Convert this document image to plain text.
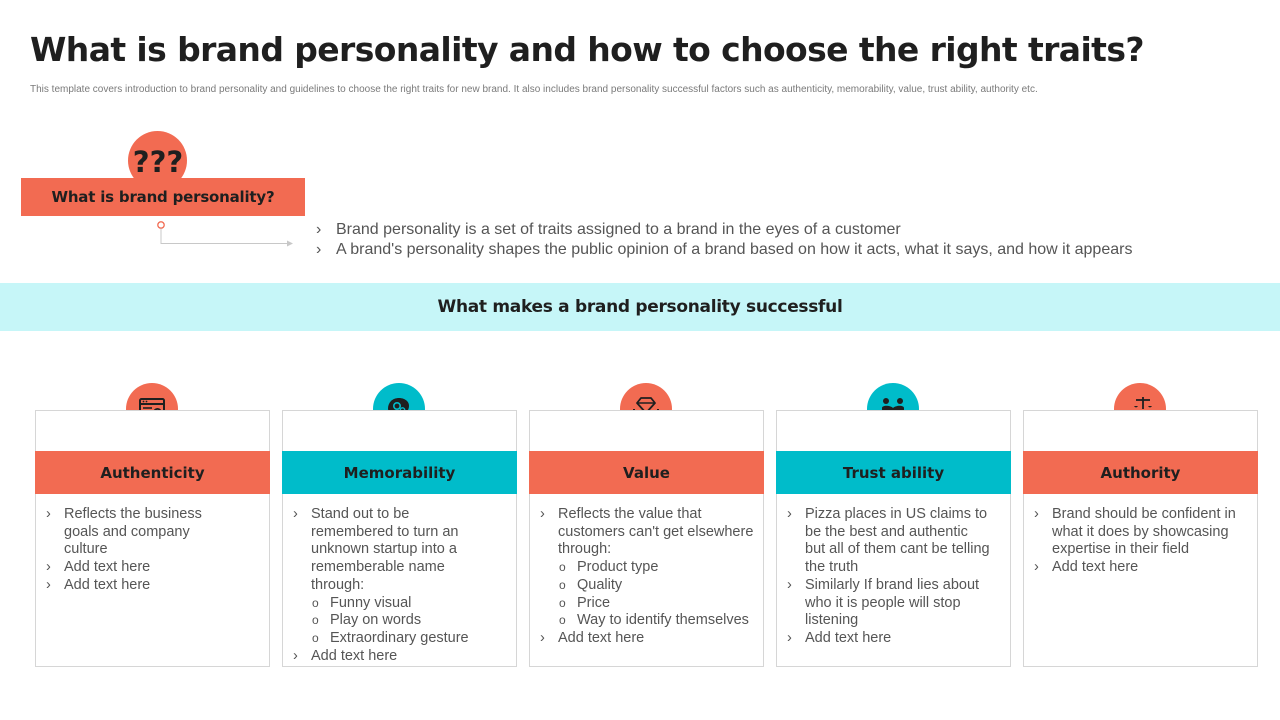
What is brand personality and how to choose the right traits?
This template covers introduction to brand personality and guidelines to choose the right traits for new brand. It also includes brand personality successful factors such as authenticity, memorability, value, trust ability, authority etc.
???
What is brand personality?
› Brand personality is a set of traits assigned to a brand in the eyes of a customer
› A brand's personality shapes the public opinion of a brand based on how it acts, what it says, and how it appears
What makes a brand personality successful
Authenticity
› Reflects the business goals and company culture
› Add text here
› Add text here
Memorability
› Stand out to be remembered to turn an unknown startup into a rememberable name through:
o Funny visual
o Play on words
o Extraordinary gesture
› Add text here
Value
› Reflects the value that customers can't get elsewhere through:
o Product type
o Quality
o Price
o Way to identify themselves
› Add text here
Trust ability
› Pizza places in US claims to be the best and authentic but all of them cant be telling the truth
› Similarly If brand lies about who it is people will stop listening
› Add text here
Authority
› Brand should be confident in what it does by showcasing expertise in their field
› Add text here
